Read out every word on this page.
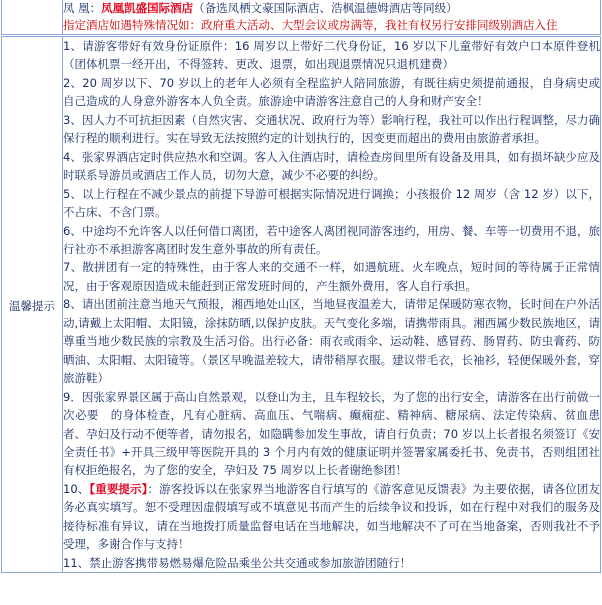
凤 凰：凤凰凯盛国际酒店（备选凤栖文豪国际酒店、浩枫温德姆酒店等同级）
指定酒店如遇特殊情况如：政府重大活动、大型会议或房满等，我社有权另行安排同级别酒店入住
温馨提示	
1、请游客带好有效身份证原件：16 周岁以上带好二代身份证，16 岁以下儿童带好有效户口本原件登机（团体机票一经开出，不得签转、更改、退票，如出现退票情况只退机建费）
2、20 周岁以下、70 岁以上的老年人必须有全程监护人陪同旅游，有既往病史须提前通报，自身病史或自己造成的人身意外游客本人负全责。旅游途中请游客注意自己的人身和财产安全！
3、因人力不可抗拒因素（自然灾害、交通状况、政府行为等）影响行程，我社可以作出行程调整，尽力确保行程的顺利进行。实在导致无法按照约定的计划执行的，因变更而超出的费用由旅游者承担。
4、张家界酒店定时供应热水和空调。客人入住酒店时，请检查房间里所有设备及用具，如有损坏缺少应及时联系导游员或酒店工作人员，切勿大意，减少不必要的纠纷。
5、以上行程在不减少景点的前提下导游可根据实际情况进行调换；小孩报价 12 周岁（含 12 岁）以下，不占床、不含门票。
6、中途均不允许客人以任何借口离团，若中途客人离团视同游客违约，用房、餐、车等一切费用不退，旅行社亦不承担游客离团时发生意外事故的所有责任。
7、散拼团有一定的特殊性，由于客人来的交通不一样，如遇航班、火车晚点，短时间的等待属于正常情况，由于客观原因造成未能赶到正常发班时间的，产生额外费用，客人自行承担。
8、请出团前注意当地天气预报，湘西地处山区，当地昼夜温差大，请带足保暖防寒衣物，长时间在户外活动,请戴上太阳帽、太阳镜，涂抹防晒,以保护皮肤。天气变化多端，请携带雨具。湘西属少数民族地区，请尊重当地少数民族的宗教及生活习俗。出行必备：雨衣或雨伞、运动鞋、感冒药、肠胃药、防虫膏药、防晒油、太阳帽、太阳镜等。（景区早晚温差较大，请带稍厚衣服。建议带毛衣，长袖衫，轻便保暖外套，穿旅游鞋）
9．因张家界景区属于高山自然景观，以登山为主，且车程较长，为了您的出行安全，请游客在出行前做一次必要　的身体检查，凡有心脏病、高血压、气喘病、癫痫症、精神病、糖尿病、法定传染病、贫血患者、孕妇及行动不便等者，请勿报名，如隐瞒参加发生事故，请自行负责；70 岁以上长者报名须签订《安全责任书》+开具三级甲等医院开具的 3 个月内有效的健康证明并签署家属委托书、免责书，否则组团社有权拒绝报名，为了您的安全，孕妇及 75 周岁以上长者谢绝参团！
10、【重要提示】：游客投诉以在张家界当地游客自行填写的《游客意见反馈表》为主要依据，请各位团友务必真实填写。恕不受理因虚假填写或不填意见书而产生的后续争议和投诉，如在行程中对我们的服务及接待标准有异议，请在当地拨打质量监督电话在当地解决，如当地解决不了可在当地备案，否则我社不予受理，多谢合作与支持！
11、禁止游客携带易燃易爆危险品乘坐公共交通或参加旅游团随行！
